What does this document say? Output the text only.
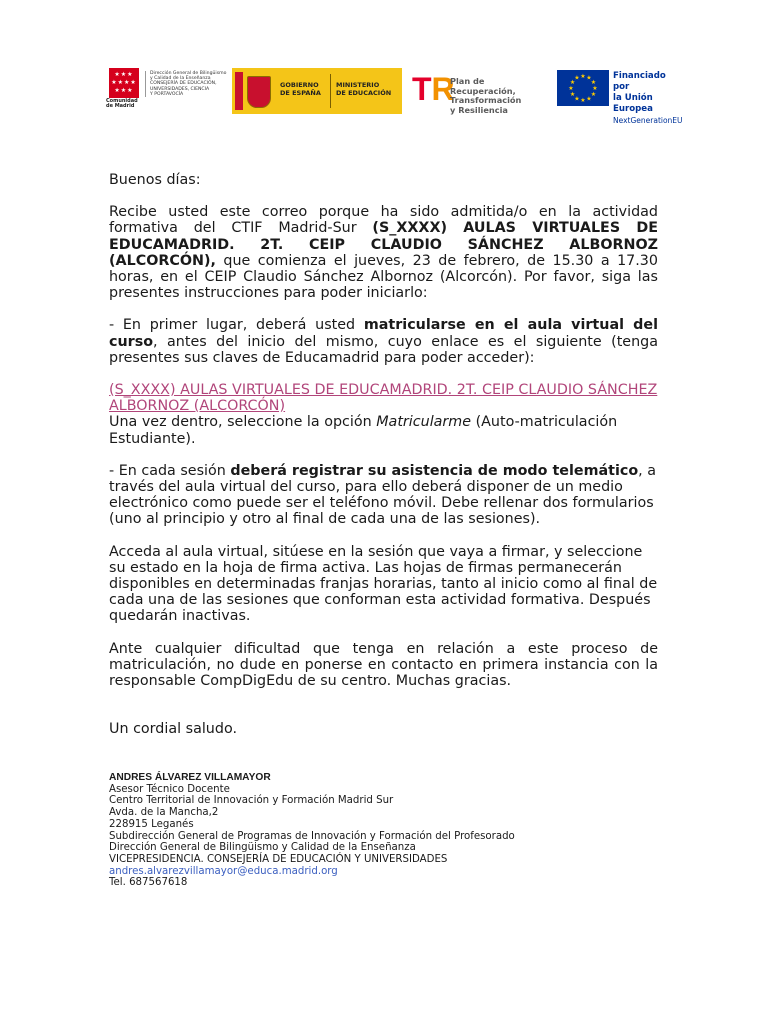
★★★
★★★★
★★★
Comunidad
de Madrid
Dirección General de Bilingüismo
y Calidad de la Enseñanza
CONSEJERÍA DE EDUCACIÓN,
UNIVERSIDADES, CIENCIA
Y PORTAVOCÍA
GOBIERNO
DE ESPAÑA
MINISTERIO
DE EDUCACIÓN TR
Plan de Recuperación,
Transformación
y Resiliencia
★ ★
★
★
★
★
★
★
★
★
★
★	Financiado por
la Unión Europea
NextGenerationEU

Buenos días:

Recibe usted este correo porque ha sido admitida/o en la actividad formativa del CTIF Madrid-Sur (S_XXXX) AULAS VIRTUALES DE EDUCAMADRID. 2T. CEIP CLAUDIO SÁNCHEZ ALBORNOZ (ALCORCÓN), que comienza el jueves, 23 de febrero, de 15.30 a 17.30 horas, en el CEIP Claudio Sánchez Albornoz (Alcorcón). Por favor, siga las presentes instrucciones para poder iniciarlo:

- En primer lugar, deberá usted matricularse en el aula virtual del curso, antes del inicio del mismo, cuyo enlace es el siguiente (tenga presentes sus claves de Educamadrid para poder acceder):

(S_XXXX) AULAS VIRTUALES DE EDUCAMADRID. 2T. CEIP CLAUDIO SÁNCHEZ ALBORNOZ (ALCORCÓN)

Una vez dentro, seleccione la opción Matricularme (Auto-matriculación Estudiante).

- En cada sesión deberá registrar su asistencia de modo telemático, a través del aula virtual del curso, para ello deberá disponer de un medio electrónico como puede ser el teléfono móvil. Debe rellenar dos formularios (uno al principio y otro al final de cada una de las sesiones).

Acceda al aula virtual, sitúese en la sesión que vaya a firmar, y seleccione su estado en la hoja de firma activa. Las hojas de firmas permanecerán disponibles en determinadas franjas horarias, tanto al inicio como al final de cada una de las sesiones que conforman esta actividad formativa. Después quedarán inactivas.

Ante cualquier dificultad que tenga en relación a este proceso de matriculación, no dude en ponerse en contacto en primera instancia con la responsable CompDigEdu de su centro. Muchas gracias.

Un cordial saludo.

ANDRES ÁLVAREZ VILLAMAYOR
Asesor Técnico Docente
Centro Territorial de Innovación y Formación Madrid Sur
Avda. de la Mancha,2
228915 Leganés
Subdirección General de Programas de Innovación y Formación del Profesorado
Dirección General de Bilingüismo y Calidad de la Enseñanza
VICEPRESIDENCIA. CONSEJERÍA DE EDUCACIÓN Y UNIVERSIDADES
andres.alvarezvillamayor@educa.madrid.org
Tel. 687567618
